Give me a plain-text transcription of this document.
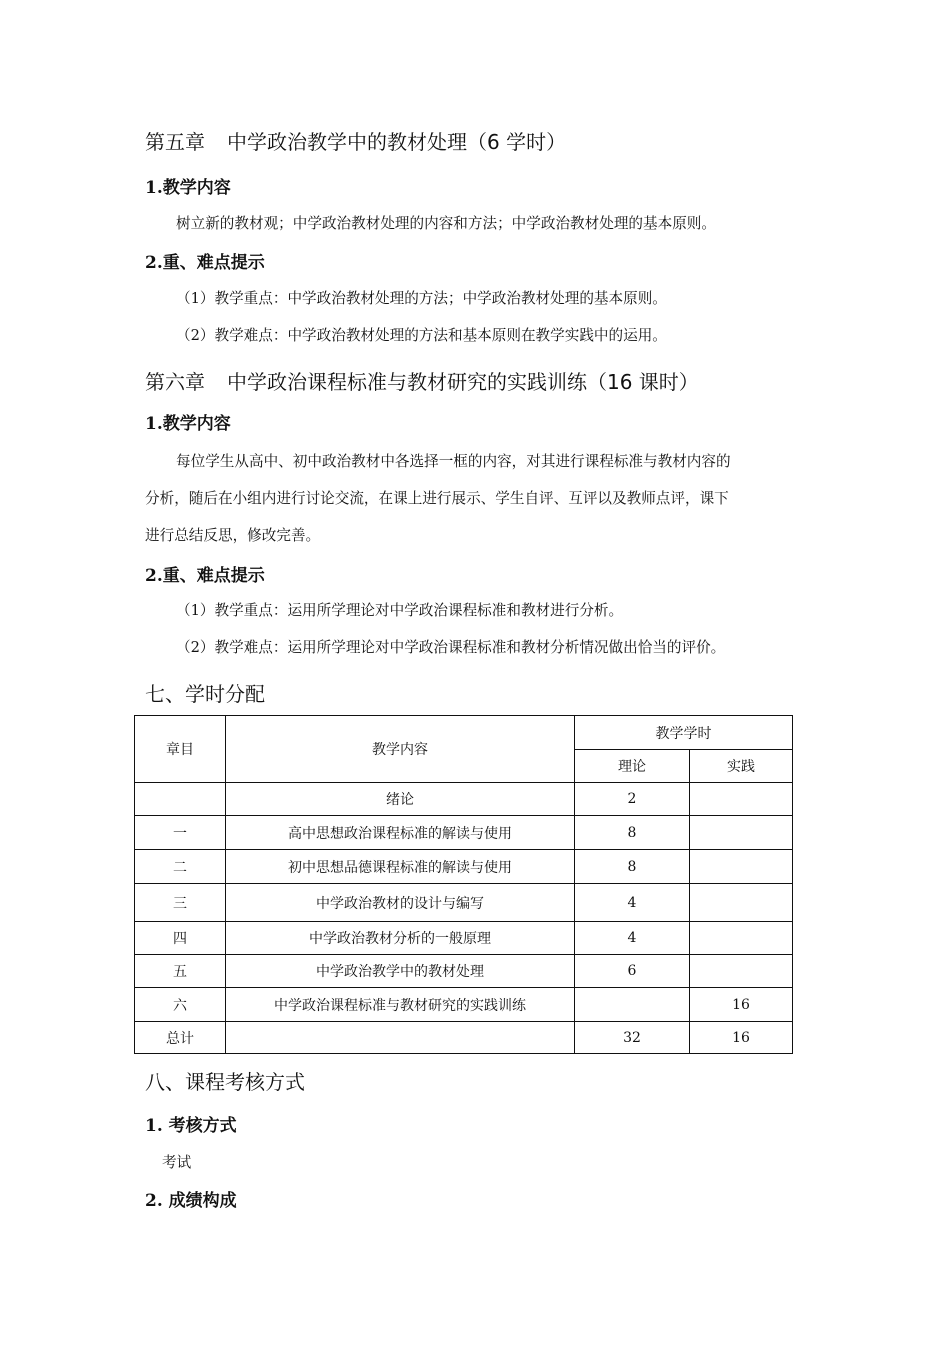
第五章 中学政治教学中的教材处理（6 学时）
1.教学内容
树立新的教材观；中学政治教材处理的内容和方法；中学政治教材处理的基本原则。
2.重、难点提示
（1）教学重点：中学政治教材处理的方法；中学政治教材处理的基本原则。
（2）教学难点：中学政治教材处理的方法和基本原则在教学实践中的运用。
第六章 中学政治课程标准与教材研究的实践训练（16 课时）
1.教学内容
每位学生从高中、初中政治教材中各选择一框的内容，对其进行课程标准与教材内容的
分析，随后在小组内进行讨论交流，在课上进行展示、学生自评、互评以及教师点评，课下
进行总结反思，修改完善。
2.重、难点提示
（1）教学重点：运用所学理论对中学政治课程标准和教材进行分析。
（2）教学难点：运用所学理论对中学政治课程标准和教材分析情况做出恰当的评价。
七、学时分配
章目	教学内容	教学学时	
		理论	实践
	绪论	2	
一	高中思想政治课程标准的解读与使用	8	
二	初中思想品德课程标准的解读与使用	8	
三	中学政治教材的设计与编写	4	
四	中学政治教材分析的一般原理	4	
五	中学政治教学中的教材处理	6	
六	中学政治课程标准与教材研究的实践训练		16
总计		32	16
八、课程考核方式
1. 考核方式
考试
2. 成绩构成
